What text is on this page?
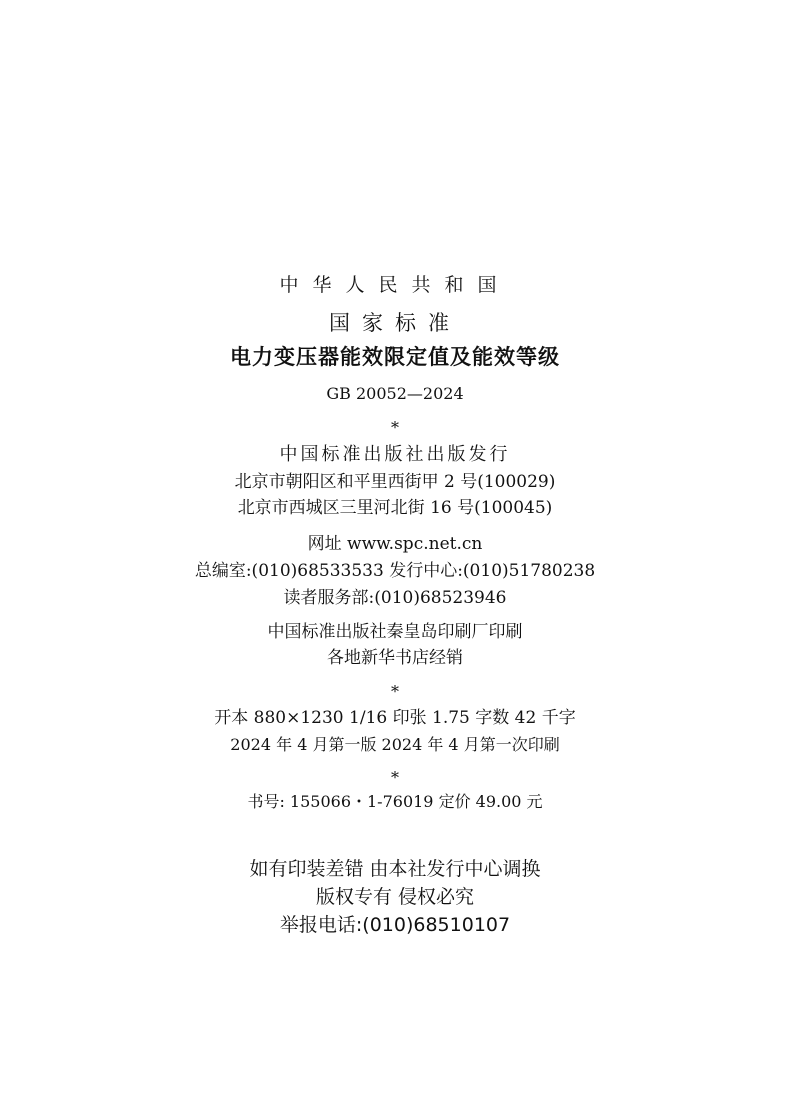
中华人民共和国
国家标准
电力变压器能效限定值及能效等级
GB 20052—2024
*
中国标准出版社出版发行
北京市朝阳区和平里西街甲 2 号(100029)
北京市西城区三里河北街 16 号(100045)
网址 www.spc.net.cn
总编室:(010)68533533 发行中心:(010)51780238
读者服务部:(010)68523946
中国标准出版社秦皇岛印刷厂印刷
各地新华书店经销
*
开本 880×1230 1/16 印张 1.75 字数 42 千字
2024 年 4 月第一版 2024 年 4 月第一次印刷
*
书号: 155066・1-76019 定价 49.00 元
如有印装差错 由本社发行中心调换
版权专有 侵权必究
举报电话:(010)68510107
